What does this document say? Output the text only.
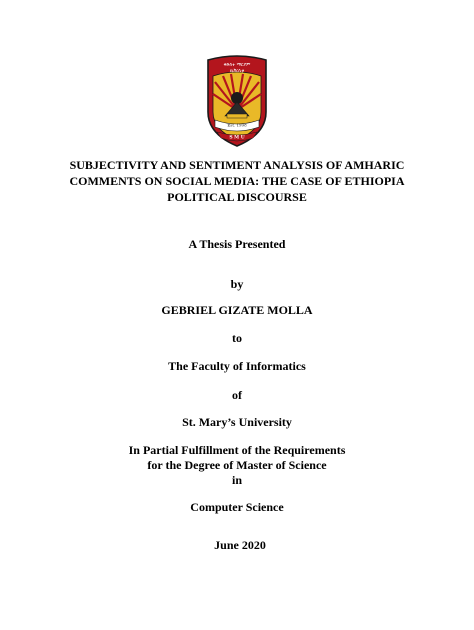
ቅድስተ ማርያም
ዩኒቨርሲቲ
Est. 1998
S M U
SUBJECTIVITY AND SENTIMENT ANALYSIS OF AMHARIC
COMMENTS ON SOCIAL MEDIA: THE CASE OF ETHIOPIA
POLITICAL DISCOURSE
A Thesis Presented
by
GEBRIEL GIZATE MOLLA
to
The Faculty of Informatics
of
St. Mary’s University
In Partial Fulfillment of the Requirements
for the Degree of Master of Science
in
Computer Science
June 2020
